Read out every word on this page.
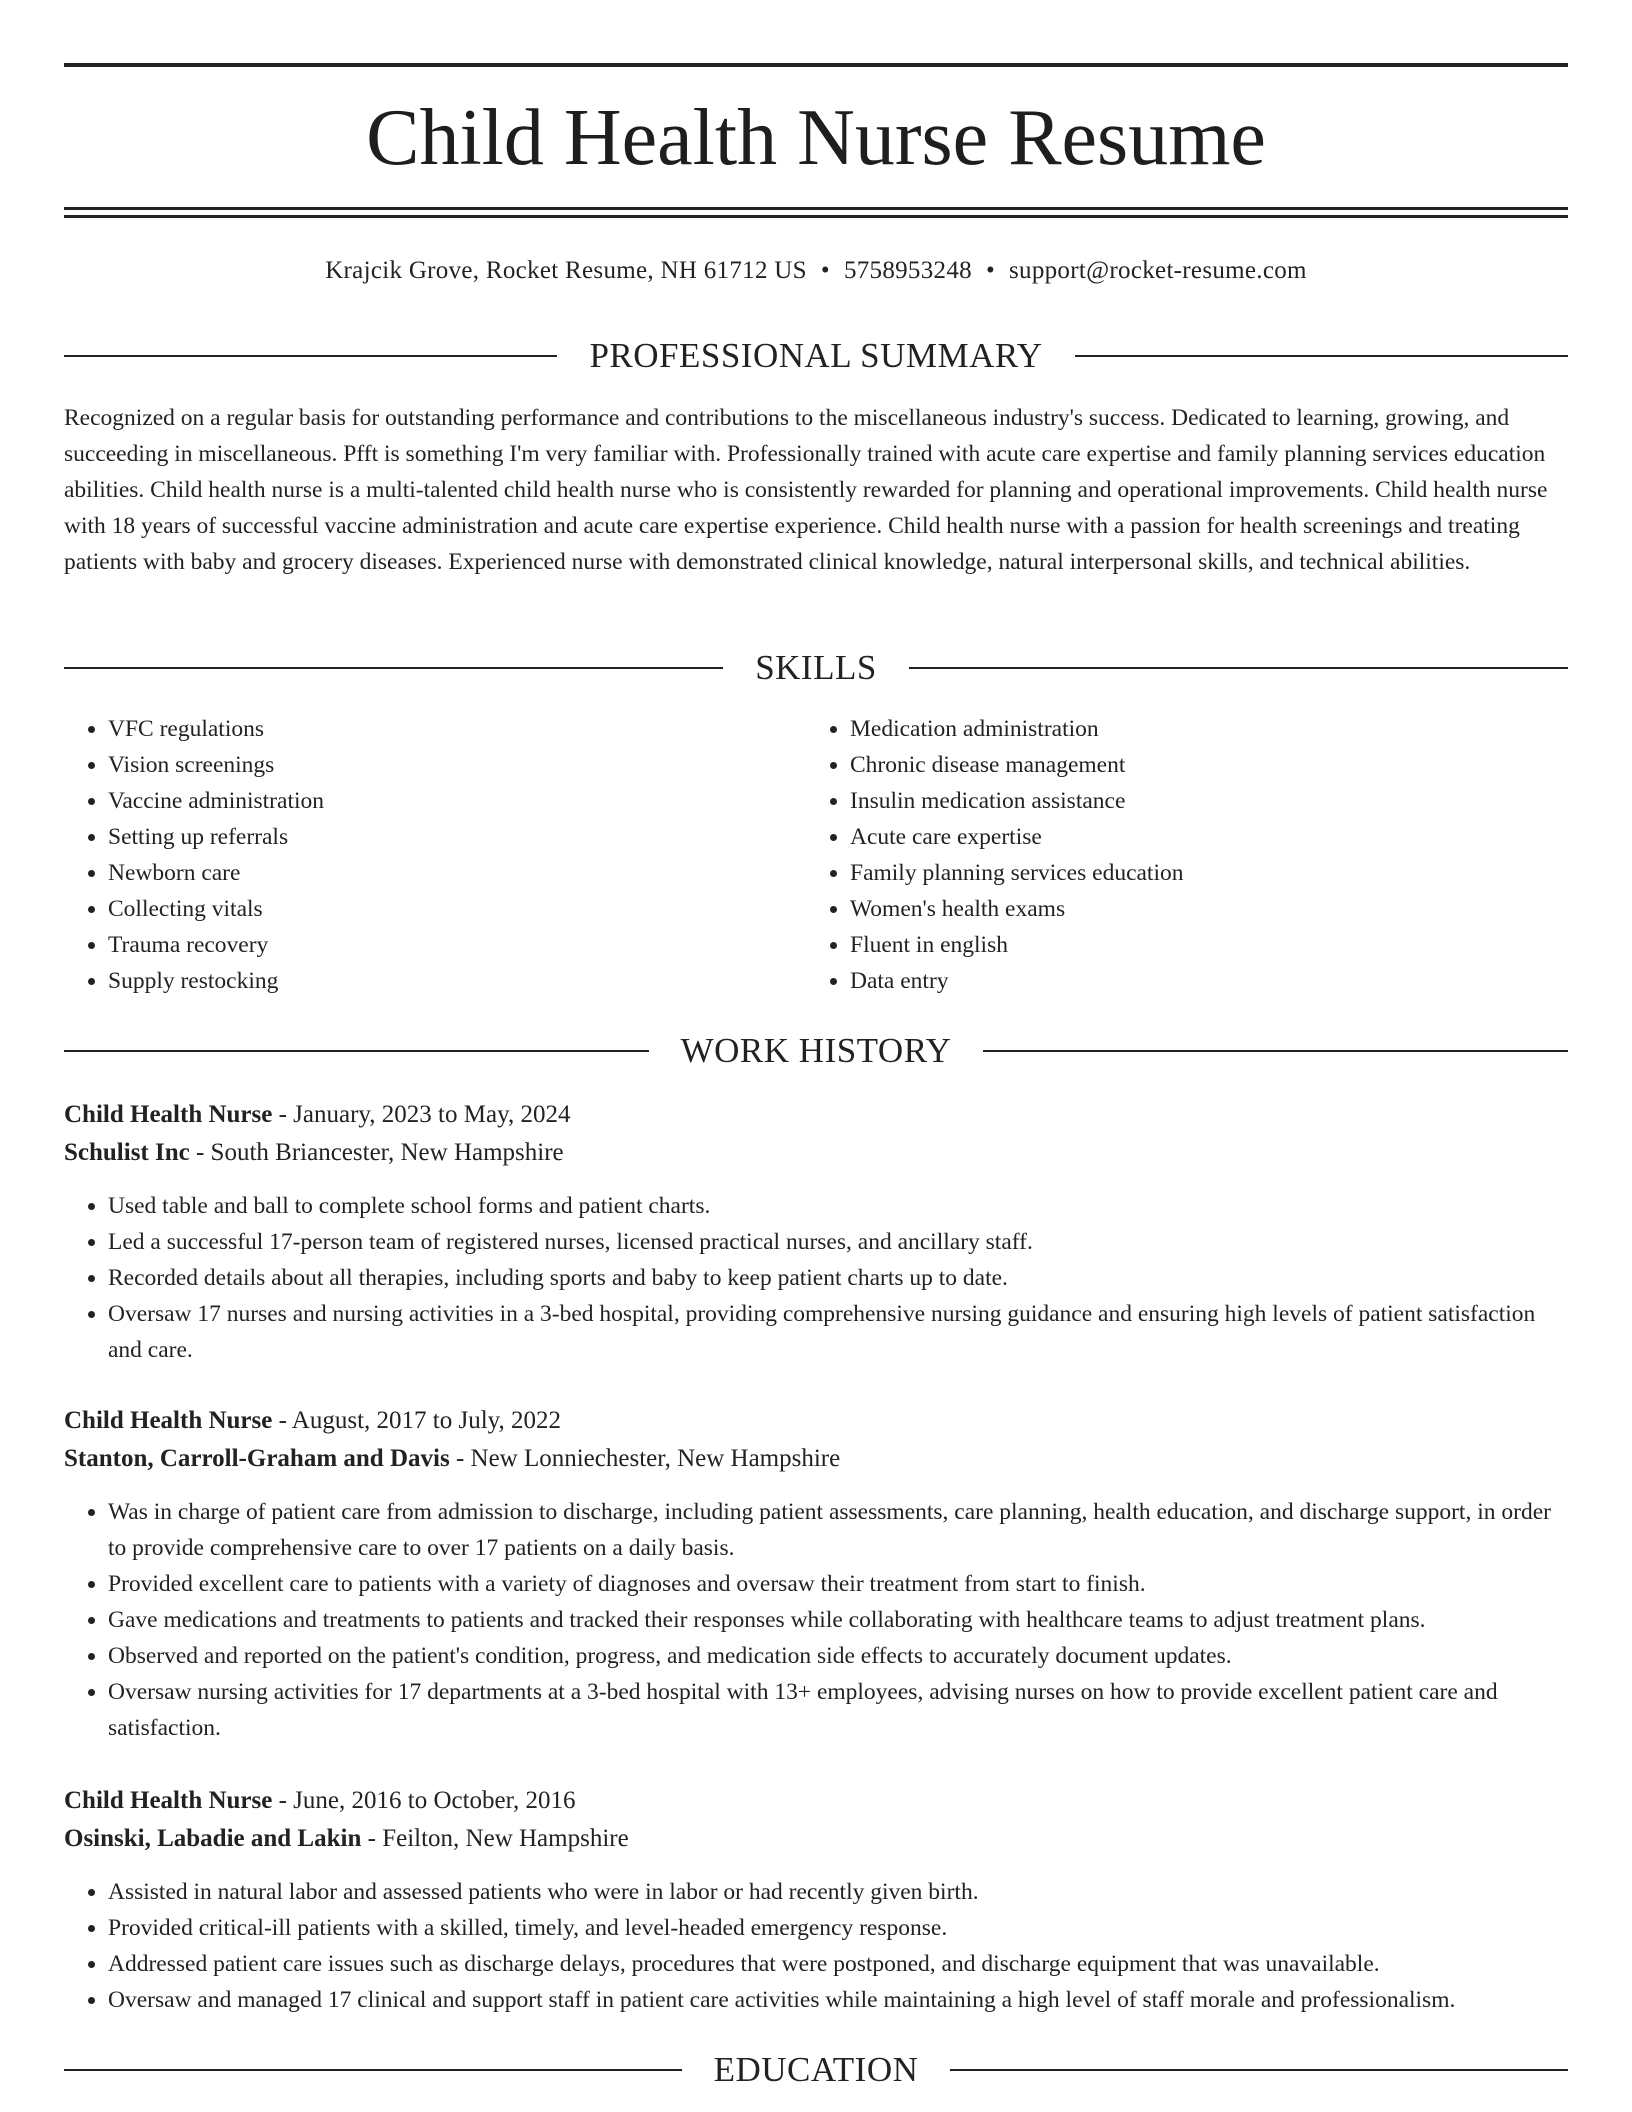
Child Health Nurse Resume
Krajcik Grove, Rocket Resume, NH 61712 US • 5758953248 • support@rocket-resume.com
PROFESSIONAL SUMMARY

Recognized on a regular basis for outstanding performance and contributions to the miscellaneous industry's success. Dedicated to learning, growing, and succeeding in miscellaneous. Pfft is something I'm very familiar with. Professionally trained with acute care expertise and family planning services education abilities. Child health nurse is a multi-talented child health nurse who is consistently rewarded for planning and operational improvements. Child health nurse with 18 years of successful vaccine administration and acute care expertise experience. Child health nurse with a passion for health screenings and treating patients with baby and grocery diseases. Experienced nurse with demonstrated clinical knowledge, natural interpersonal skills, and technical abilities.

SKILLS
• VFC regulations
• Vision screenings
• Vaccine administration
• Setting up referrals
• Newborn care
• Collecting vitals
• Trauma recovery
• Supply restocking
• Medication administration
• Chronic disease management
• Insulin medication assistance
• Acute care expertise
• Family planning services education
• Women's health exams
• Fluent in english
• Data entry
WORK HISTORY

Child Health Nurse - January, 2023 to May, 2024

Schulist Inc - South Briancester, New Hampshire

• Used table and ball to complete school forms and patient charts.
• Led a successful 17-person team of registered nurses, licensed practical nurses, and ancillary staff.
• Recorded details about all therapies, including sports and baby to keep patient charts up to date.
• Oversaw 17 nurses and nursing activities in a 3-bed hospital, providing comprehensive nursing guidance and ensuring high levels of patient satisfaction and care.

Child Health Nurse - August, 2017 to July, 2022

Stanton, Carroll-Graham and Davis - New Lonniechester, New Hampshire

• Was in charge of patient care from admission to discharge, including patient assessments, care planning, health education, and discharge support, in order to provide comprehensive care to over 17 patients on a daily basis.
• Provided excellent care to patients with a variety of diagnoses and oversaw their treatment from start to finish.
• Gave medications and treatments to patients and tracked their responses while collaborating with healthcare teams to adjust treatment plans.
• Observed and reported on the patient's condition, progress, and medication side effects to accurately document updates.
• Oversaw nursing activities for 17 departments at a 3-bed hospital with 13+ employees, advising nurses on how to provide excellent patient care and satisfaction.

Child Health Nurse - June, 2016 to October, 2016

Osinski, Labadie and Lakin - Feilton, New Hampshire

• Assisted in natural labor and assessed patients who were in labor or had recently given birth.
• Provided critical-ill patients with a skilled, timely, and level-headed emergency response.
• Addressed patient care issues such as discharge delays, procedures that were postponed, and discharge equipment that was unavailable.
• Oversaw and managed 17 clinical and support staff in patient care activities while maintaining a high level of staff morale and professionalism.
EDUCATION
